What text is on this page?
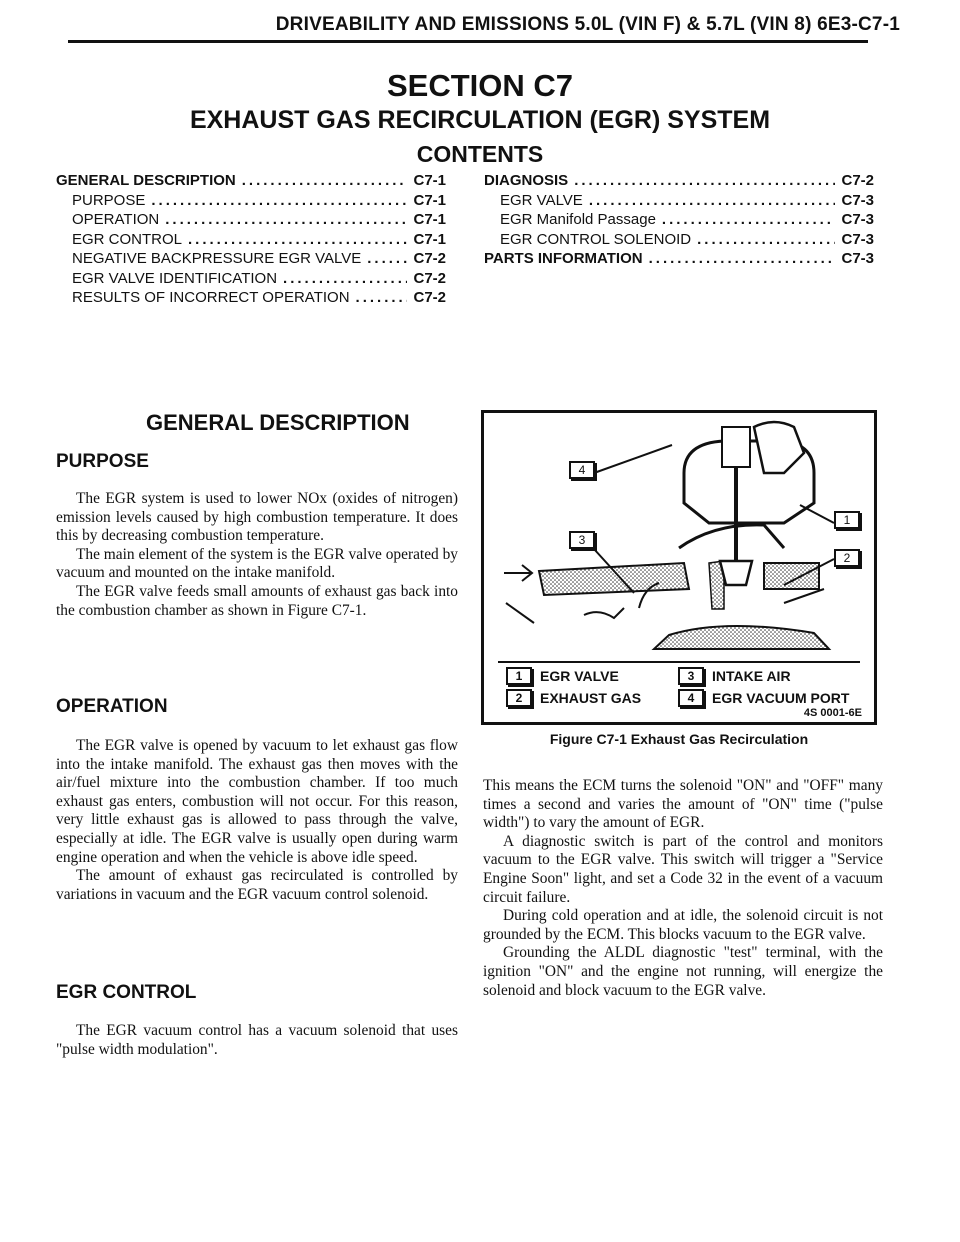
DRIVEABILITY AND EMISSIONS 5.0L (VIN F) & 5.7L (VIN 8) 6E3-C7-1
SECTION C7
EXHAUST GAS RECIRCULATION (EGR) SYSTEM
CONTENTS
GENERAL DESCRIPTION .....	C7-1
PURPOSE .....	C7-1
OPERATION .....	C7-1
EGR CONTROL .....	C7-1
NEGATIVE BACKPRESSURE EGR VALVE .....	C7-2
EGR VALVE IDENTIFICATION .....	C7-2
RESULTS OF INCORRECT OPERATION .....	C7-2
DIAGNOSIS .....	C7-2
EGR VALVE .....	C7-3
EGR Manifold Passage .....	C7-3
EGR CONTROL SOLENOID .....	C7-3
PARTS INFORMATION .....	C7-3
GENERAL DESCRIPTION
PURPOSE
The EGR system is used to lower NOx (oxides of nitrogen) emission levels caused by high combustion temperature. It does this by decreasing combustion temperature.
The main element of the system is the EGR valve operated by vacuum and mounted on the intake manifold.
The EGR valve feeds small amounts of exhaust gas back into the combustion chamber as shown in Figure C7-1.
OPERATION
The EGR valve is opened by vacuum to let exhaust gas flow into the intake manifold. The exhaust gas then moves with the air/fuel mixture into the combustion chamber. If too much exhaust gas enters, combustion will not occur. For this reason, very little exhaust gas is allowed to pass through the valve, especially at idle. The EGR valve is usually open during warm engine operation and when the vehicle is above idle speed.
The amount of exhaust gas recirculated is controlled by variations in vacuum and the EGR vacuum control solenoid.
EGR CONTROL
The EGR vacuum control has a vacuum solenoid that uses "pulse width modulation".
4
3
1
2
1	EGR VALVE
2	EXHAUST GAS
3	INTAKE AIR
4	EGR VACUUM PORT
4S 0001-6E
Figure C7-1 Exhaust Gas Recirculation
This means the ECM turns the solenoid "ON" and "OFF" many times a second and varies the amount of "ON" time ("pulse width") to vary the amount of EGR.
A diagnostic switch is part of the control and monitors vacuum to the EGR valve. This switch will trigger a "Service Engine Soon" light, and set a Code 32 in the event of a vacuum circuit failure.
During cold operation and at idle, the solenoid circuit is not grounded by the ECM. This blocks vacuum to the EGR valve.
Grounding the ALDL diagnostic "test" terminal, with the ignition "ON" and the engine not running, will energize the solenoid and block vacuum to the EGR valve.
